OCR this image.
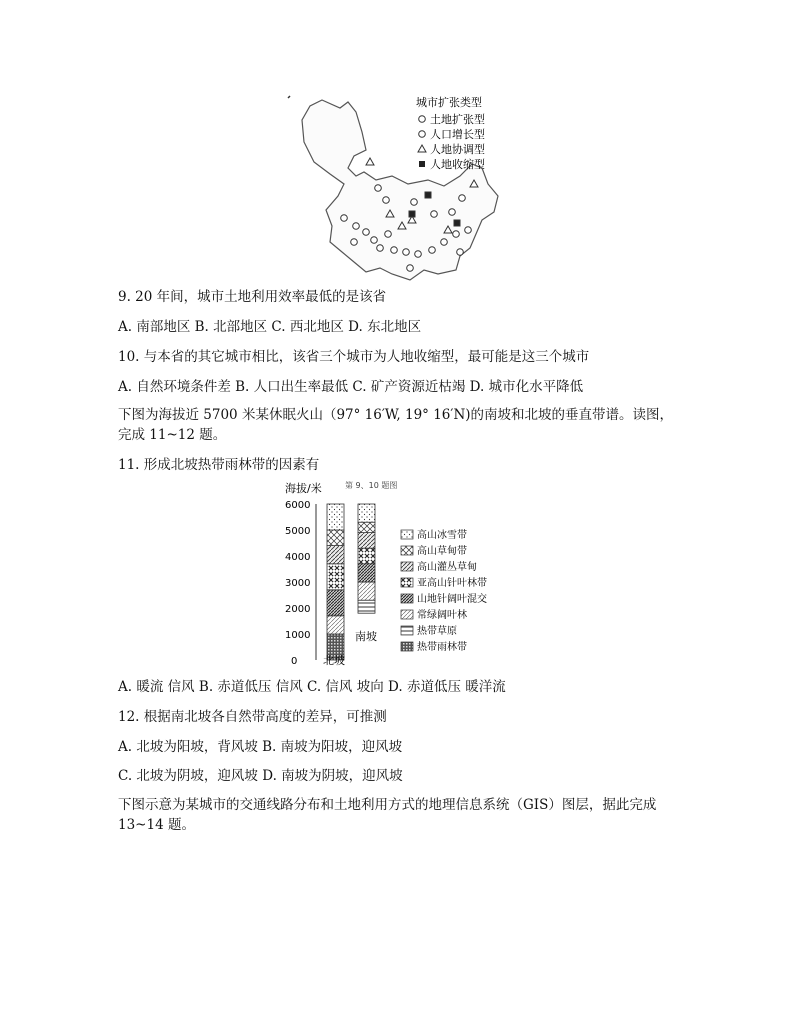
城市扩张类型
土地扩张型
人口增长型
人地协调型
人地收缩型
9. 20 年间，城市土地利用效率最低的是该省
A. 南部地区 B. 北部地区 C. 西北地区 D. 东北地区
10. 与本省的其它城市相比，该省三个城市为人地收缩型，最可能是这三个城市
A. 自然环境条件差 B. 人口出生率最低 C. 矿产资源近枯竭 D. 城市化水平降低
下图为海拔近 5700 米某休眠火山（97° 16′W, 19° 16′N)的南坡和北坡的垂直带谱。读图，完成 11~12 题。
11. 形成北坡热带雨林带的因素有
海拔/米	第 9、10 题图
6000
5000
4000
3000
2000
1000
0 北坡
南坡
高山冰雪带
高山草甸带
高山灌丛草甸
亚高山针叶林带
山地针阔叶混交
常绿阔叶林
热带草原
热带雨林带
A. 暖流 信风 B. 赤道低压 信风 C. 信风 坡向 D. 赤道低压 暖洋流
12. 根据南北坡各自然带高度的差异，可推测
A. 北坡为阳坡，背风坡 B. 南坡为阳坡，迎风坡
C. 北坡为阴坡，迎风坡 D. 南坡为阴坡，迎风坡
下图示意为某城市的交通线路分布和土地利用方式的地理信息系统（GIS）图层，据此完成 13~14 题。
